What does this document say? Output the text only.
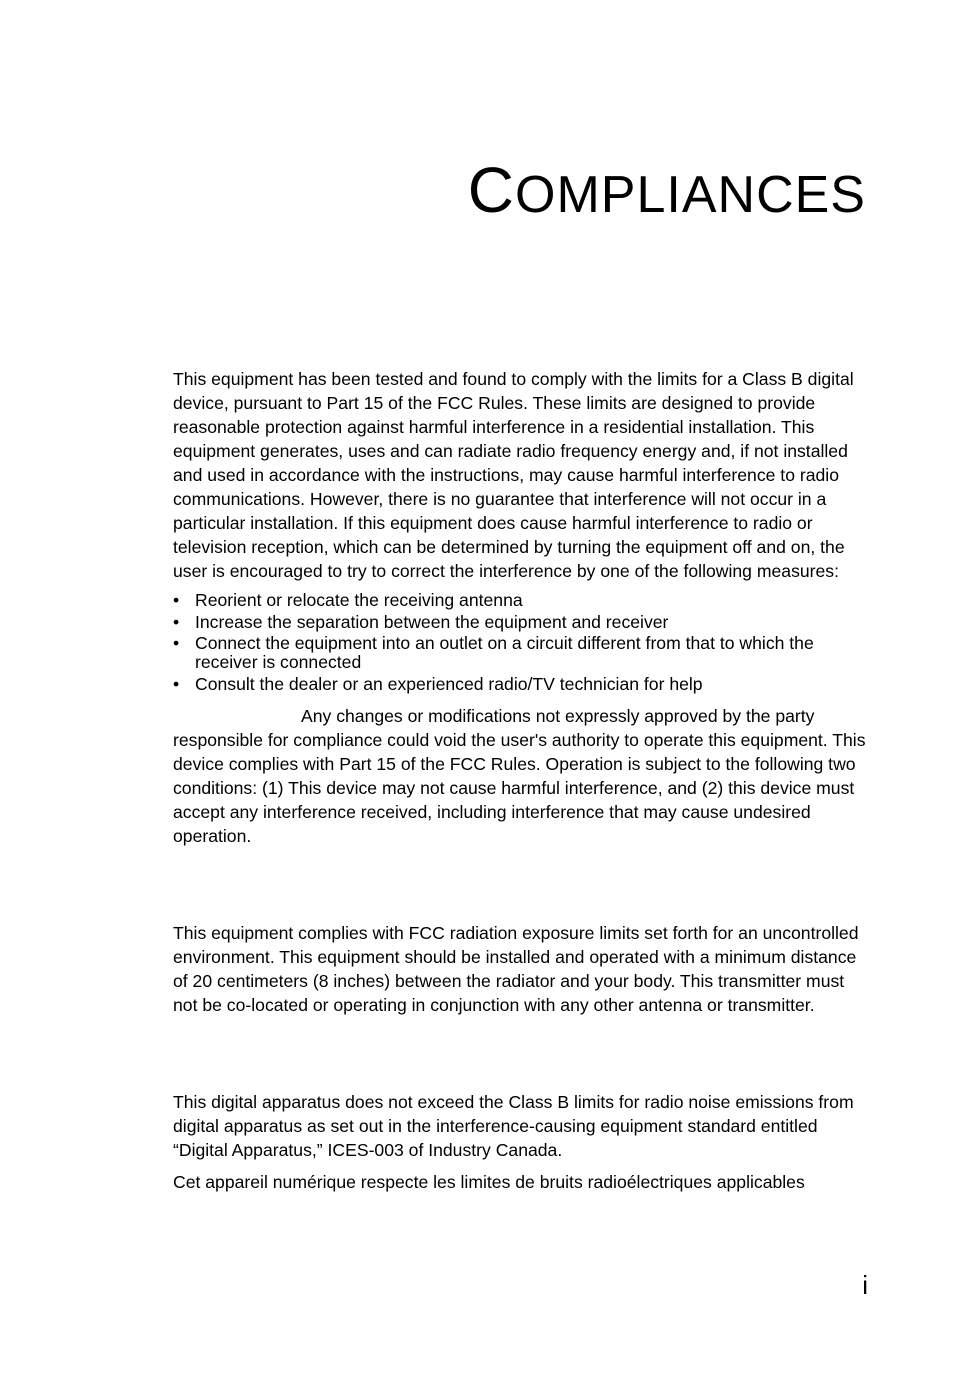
COMPLIANCES

This equipment has been tested and found to comply with the limits for a Class B digital device, pursuant to Part 15 of the FCC Rules. These limits are designed to provide reasonable protection against harmful interference in a residential installation. This equipment generates, uses and can radiate radio frequency energy and, if not installed and used in accordance with the instructions, may cause harmful interference to radio communications. However, there is no guarantee that interference will not occur in a particular installation. If this equipment does cause harmful interference to radio or television reception, which can be determined by turning the equipment off and on, the user is encouraged to try to correct the interference by one of the following measures:

• Reorient or relocate the receiving antenna
• Increase the separation between the equipment and receiver
• Connect the equipment into an outlet on a circuit different from that to which the receiver is connected
• Consult the dealer or an experienced radio/TV technician for help

Any changes or modifications not expressly approved by the party responsible for compliance could void the user's authority to operate this equipment. This device complies with Part 15 of the FCC Rules. Operation is subject to the following two conditions: (1) This device may not cause harmful interference, and (2) this device must accept any interference received, including interference that may cause undesired operation.

This equipment complies with FCC radiation exposure limits set forth for an uncontrolled environment. This equipment should be installed and operated with a minimum distance of 20 centimeters (8 inches) between the radiator and your body. This transmitter must not be co-located or operating in conjunction with any other antenna or transmitter.

This digital apparatus does not exceed the Class B limits for radio noise emissions from digital apparatus as set out in the interference-causing equipment standard entitled “Digital Apparatus,” ICES-003 of Industry Canada.

Cet appareil numérique respecte les limites de bruits radioélectriques applicables

i
